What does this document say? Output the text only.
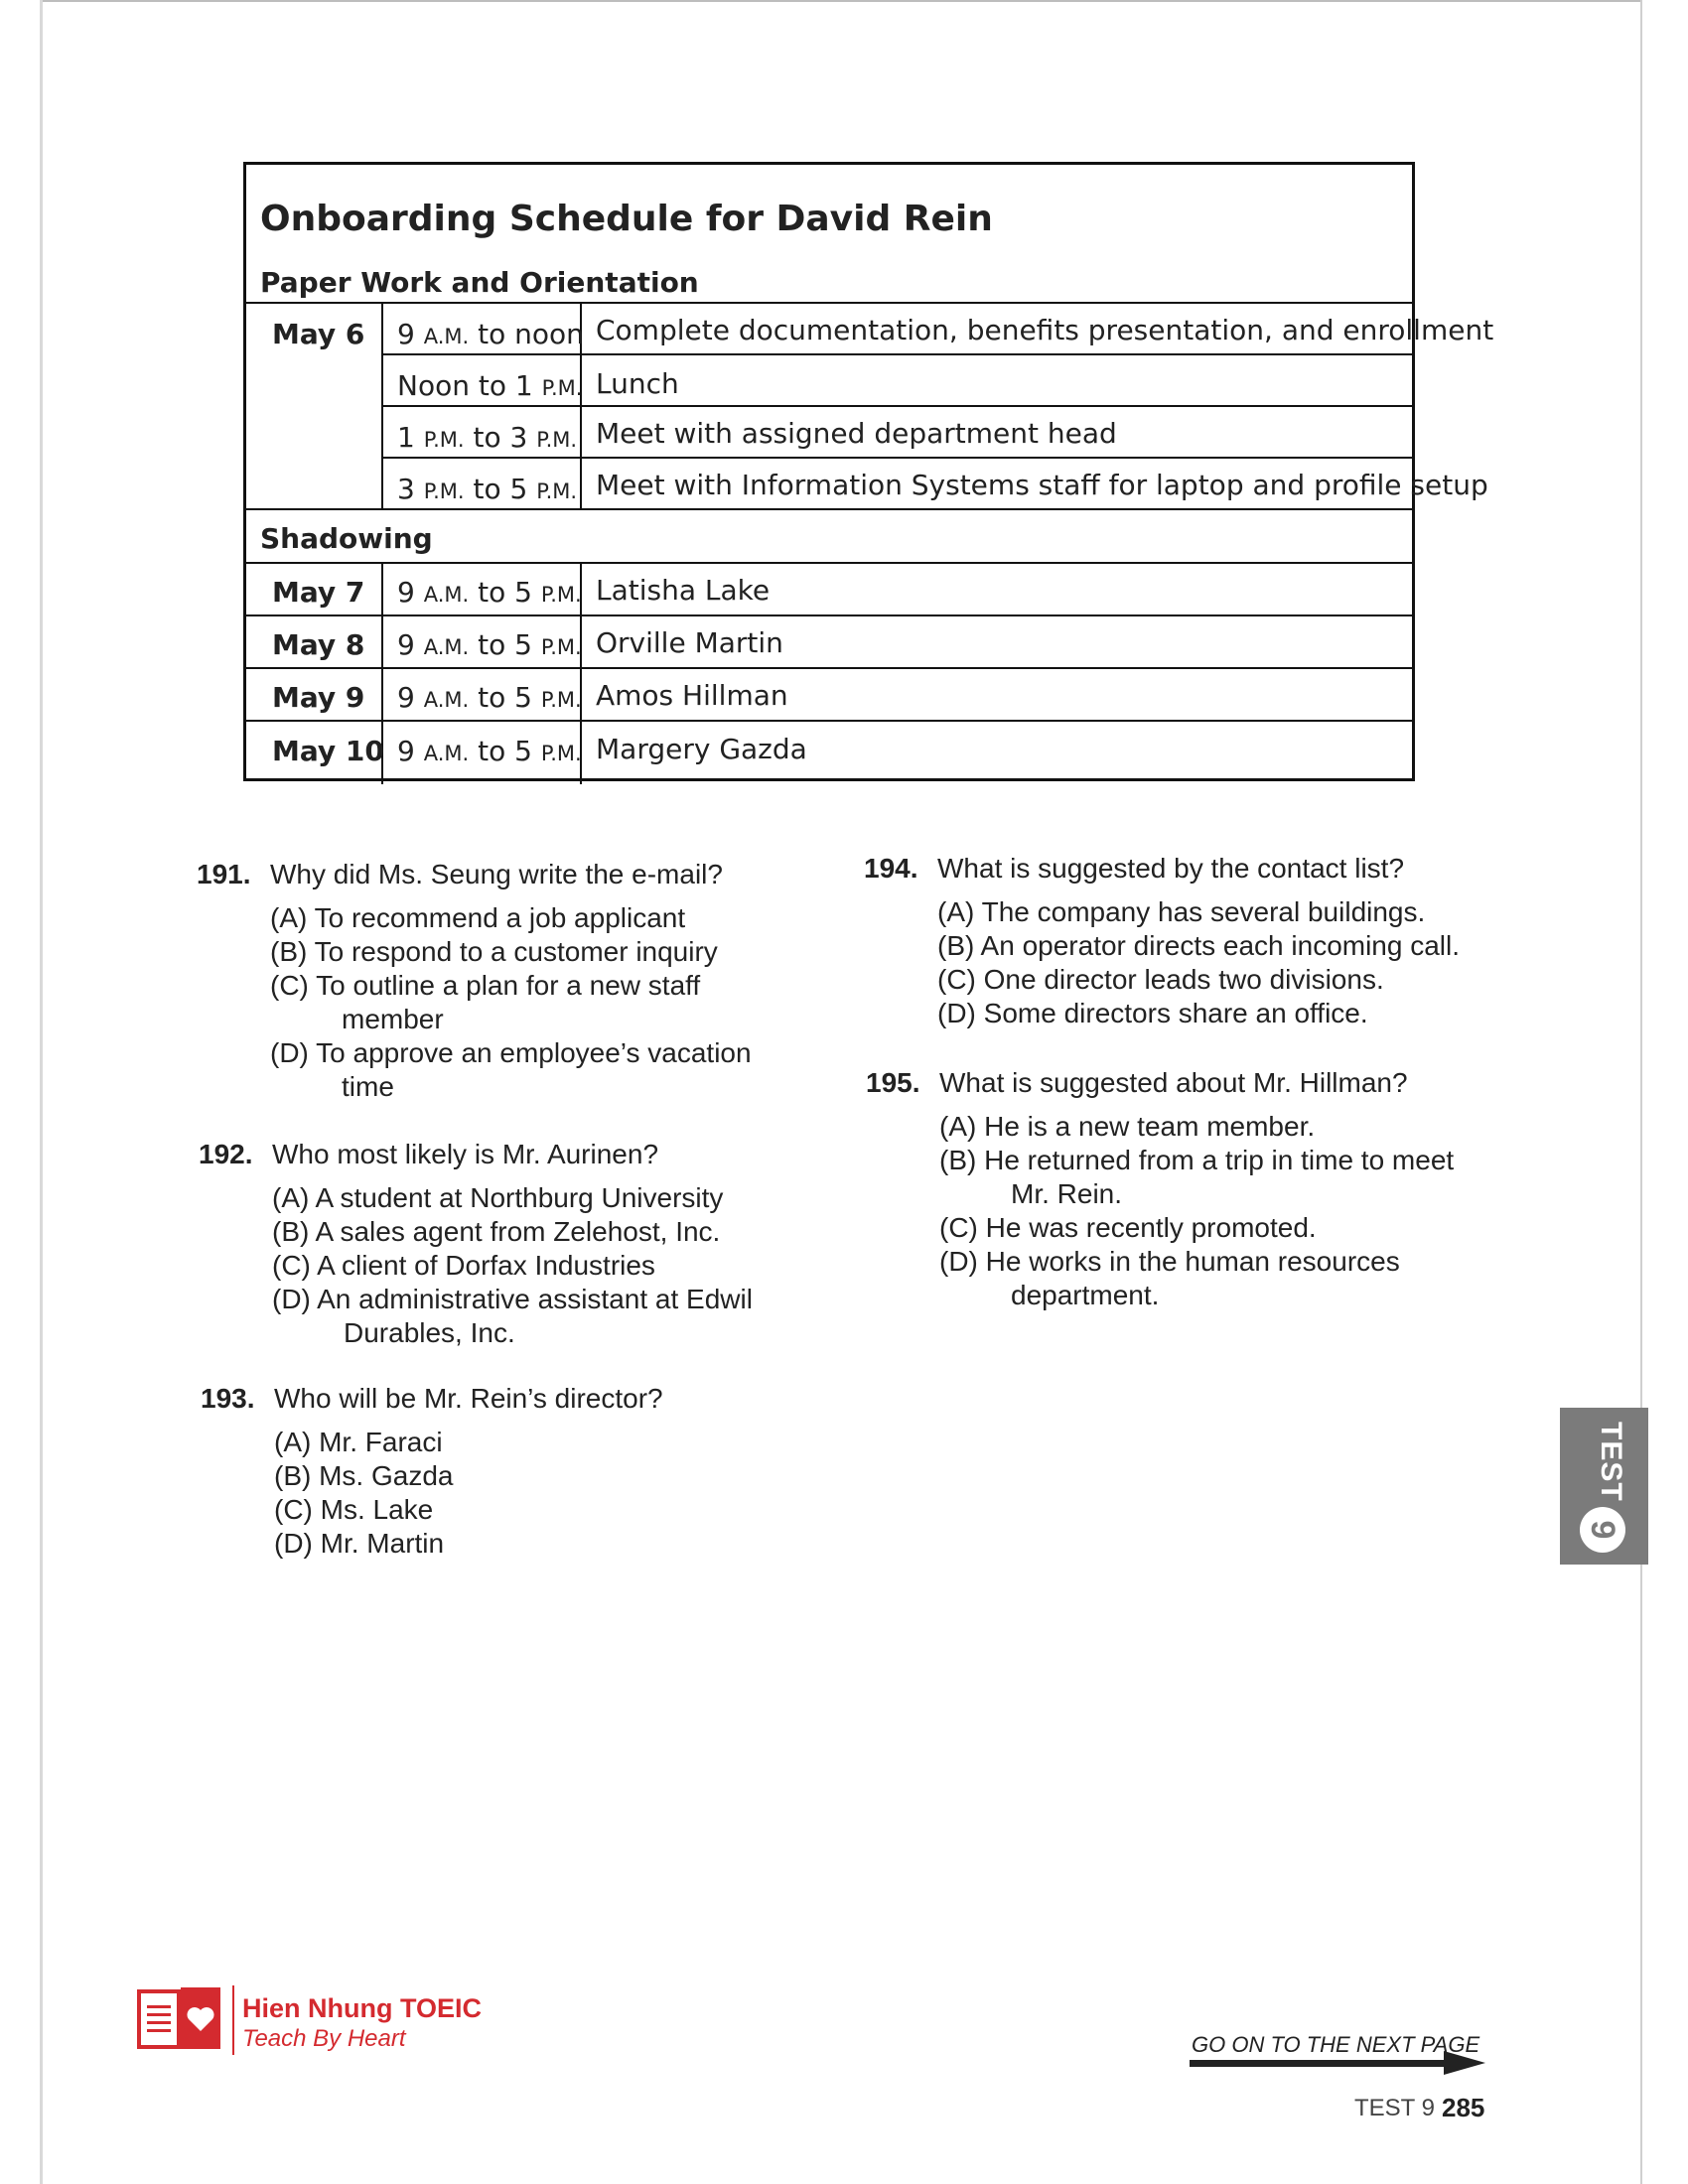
Onboarding Schedule for David Rein
Paper Work and Orientation
May 6 9 A.M. to noon Complete documentation, benefits presentation, and enrollment
Noon to 1 P.M. Lunch
1 P.M. to 3 P.M. Meet with assigned department head
3 P.M. to 5 P.M. Meet with Information Systems staff for laptop and profile setup
Shadowing
May 7 9 A.M. to 5 P.M. Latisha Lake
May 8 9 A.M. to 5 P.M. Orville Martin
May 9 9 A.M. to 5 P.M. Amos Hillman
May 10 9 A.M. to 5 P.M. Margery Gazda
191. Why did Ms. Seung write the e-mail?
(A) To recommend a job applicant
(B) To respond to a customer inquiry
(C) To outline a plan for a new staff
member
(D) To approve an employee’s vacation
time
192. Who most likely is Mr. Aurinen?
(A) A student at Northburg University
(B) A sales agent from Zelehost, Inc.
(C) A client of Dorfax Industries
(D) An administrative assistant at Edwil
Durables, Inc.
193. Who will be Mr. Rein’s director?
(A) Mr. Faraci
(B) Ms. Gazda
(C) Ms. Lake
(D) Mr. Martin
194. What is suggested by the contact list?
(A) The company has several buildings.
(B) An operator directs each incoming call.
(C) One director leads two divisions.
(D) Some directors share an office.
195. What is suggested about Mr. Hillman?
(A) He is a new team member.
(B) He returned from a trip in time to meet
Mr. Rein.
(C) He was recently promoted.
(D) He works in the human resources
department.
TEST
9
Hien Nhung TOEIC
Teach By Heart	GO ON TO THE NEXT PAGE
TEST 9 285
